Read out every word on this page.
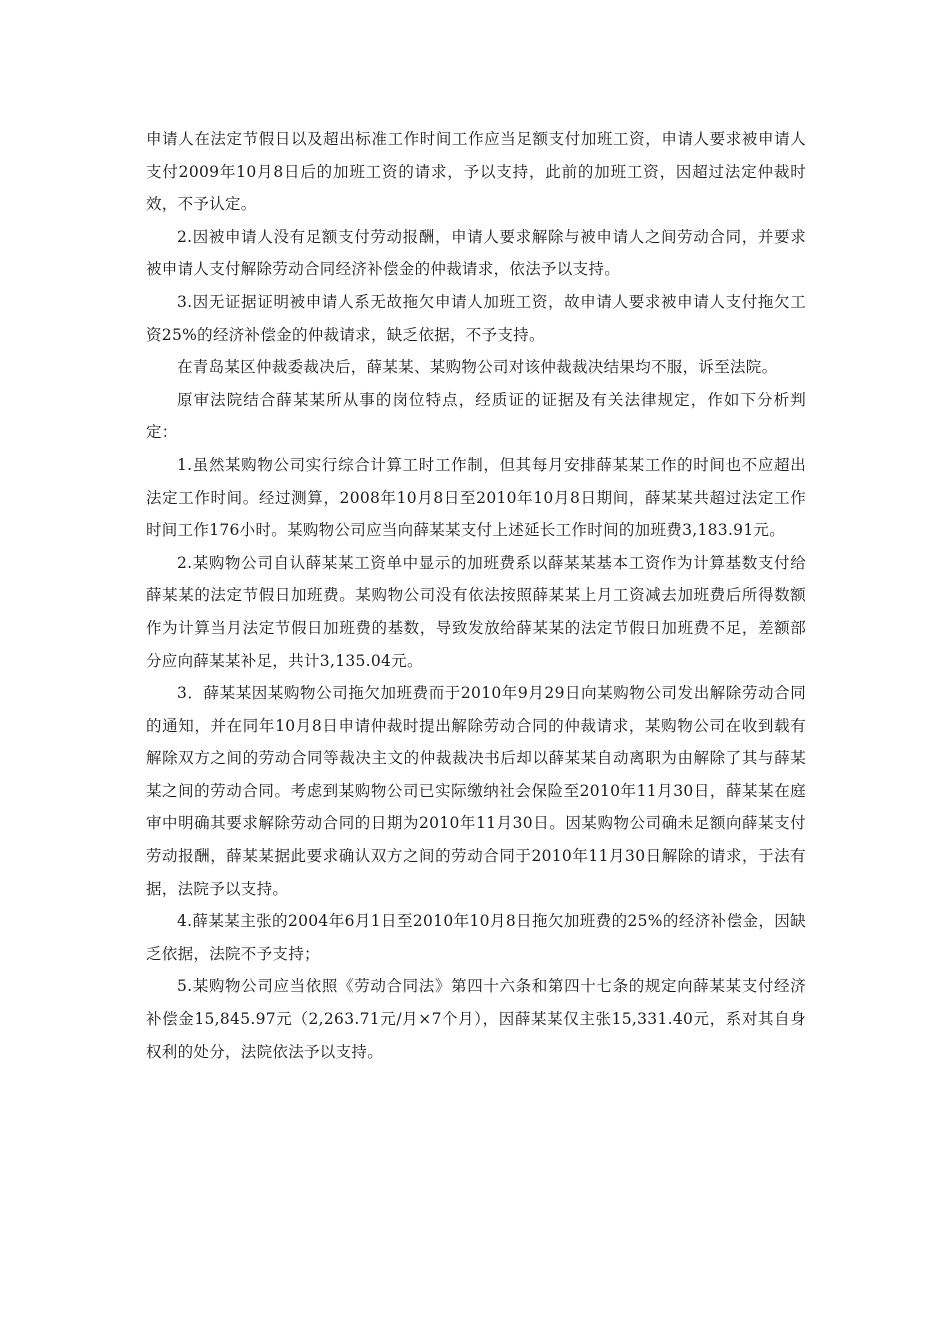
申请人在法定节假日以及超出标准工作时间工作应当足额支付加班工资，申请人要求被申请人支付2009年10月8日后的加班工资的请求，予以支持，此前的加班工资，因超过法定仲裁时效，不予认定。

2.因被申请人没有足额支付劳动报酬，申请人要求解除与被申请人之间劳动合同，并要求被申请人支付解除劳动合同经济补偿金的仲裁请求，依法予以支持。

3.因无证据证明被申请人系无故拖欠申请人加班工资，故申请人要求被申请人支付拖欠工资25%的经济补偿金的仲裁请求，缺乏依据，不予支持。

在青岛某区仲裁委裁决后，薛某某、某购物公司对该仲裁裁决结果均不服，诉至法院。

原审法院结合薛某某所从事的岗位特点，经质证的证据及有关法律规定，作如下分析判定：

1.虽然某购物公司实行综合计算工时工作制，但其每月安排薛某某工作的时间也不应超出法定工作时间。经过测算，2008年10月8日至2010年10月8日期间，薛某某共超过法定工作时间工作176小时。某购物公司应当向薛某某支付上述延长工作时间的加班费3,183.91元。

2.某购物公司自认薛某某工资单中显示的加班费系以薛某某基本工资作为计算基数支付给薛某某的法定节假日加班费。某购物公司没有依法按照薛某某上月工资减去加班费后所得数额作为计算当月法定节假日加班费的基数，导致发放给薛某某的法定节假日加班费不足，差额部分应向薛某某补足，共计3,135.04元。

3．薛某某因某购物公司拖欠加班费而于2010年9月29日向某购物公司发出解除劳动合同的通知，并在同年10月8日申请仲裁时提出解除劳动合同的仲裁请求，某购物公司在收到载有解除双方之间的劳动合同等裁决主文的仲裁裁决书后却以薛某某自动离职为由解除了其与薛某某之间的劳动合同。考虑到某购物公司已实际缴纳社会保险至2010年11月30日，薛某某在庭审中明确其要求解除劳动合同的日期为2010年11月30日。因某购物公司确未足额向薛某支付劳动报酬，薛某某据此要求确认双方之间的劳动合同于2010年11月30日解除的请求，于法有据，法院予以支持。

4.薛某某主张的2004年6月1日至2010年10月8日拖欠加班费的25%的经济补偿金，因缺乏依据，法院不予支持；

5.某购物公司应当依照《劳动合同法》第四十六条和第四十七条的规定向薛某某支付经济补偿金15,845.97元（2,263.71元/月×7个月），因薛某某仅主张15,331.40元，系对其自身权利的处分，法院依法予以支持。
